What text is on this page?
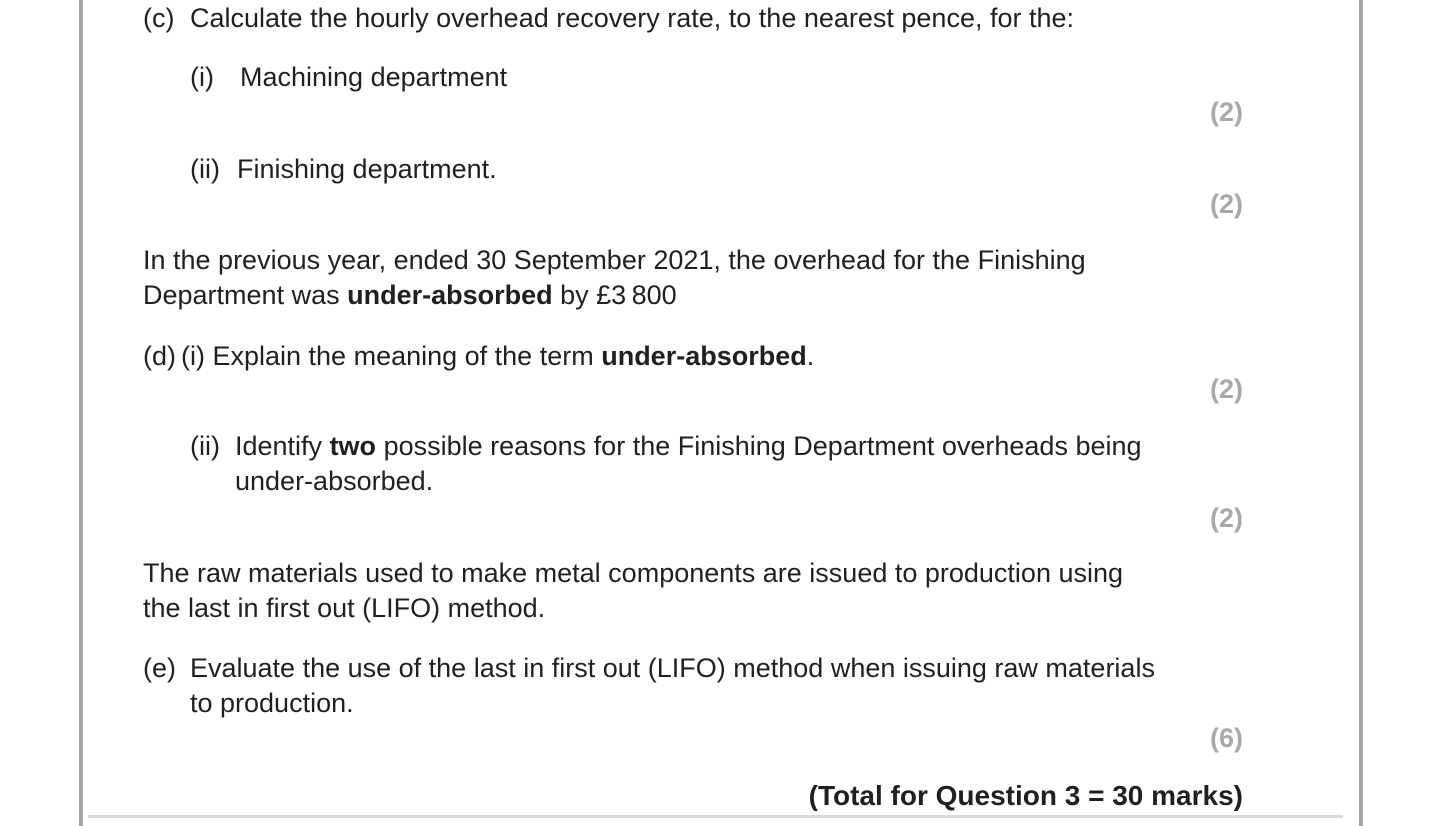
(c) Calculate the hourly overhead recovery rate, to the nearest pence, for the:
(i) Machining department
(2)
(ii) Finishing department.
(2)
In the previous year, ended 30 September 2021, the overhead for the Finishing
Department was under-absorbed by £3 800
(d) (i) Explain the meaning of the term under-absorbed.
(2)
(ii) Identify two possible reasons for the Finishing Department overheads being
under-absorbed.
(2)
The raw materials used to make metal components are issued to production using
the last in first out (LIFO) method.
(e) Evaluate the use of the last in first out (LIFO) method when issuing raw materials
to production.
(6)
(Total for Question 3 = 30 marks)
